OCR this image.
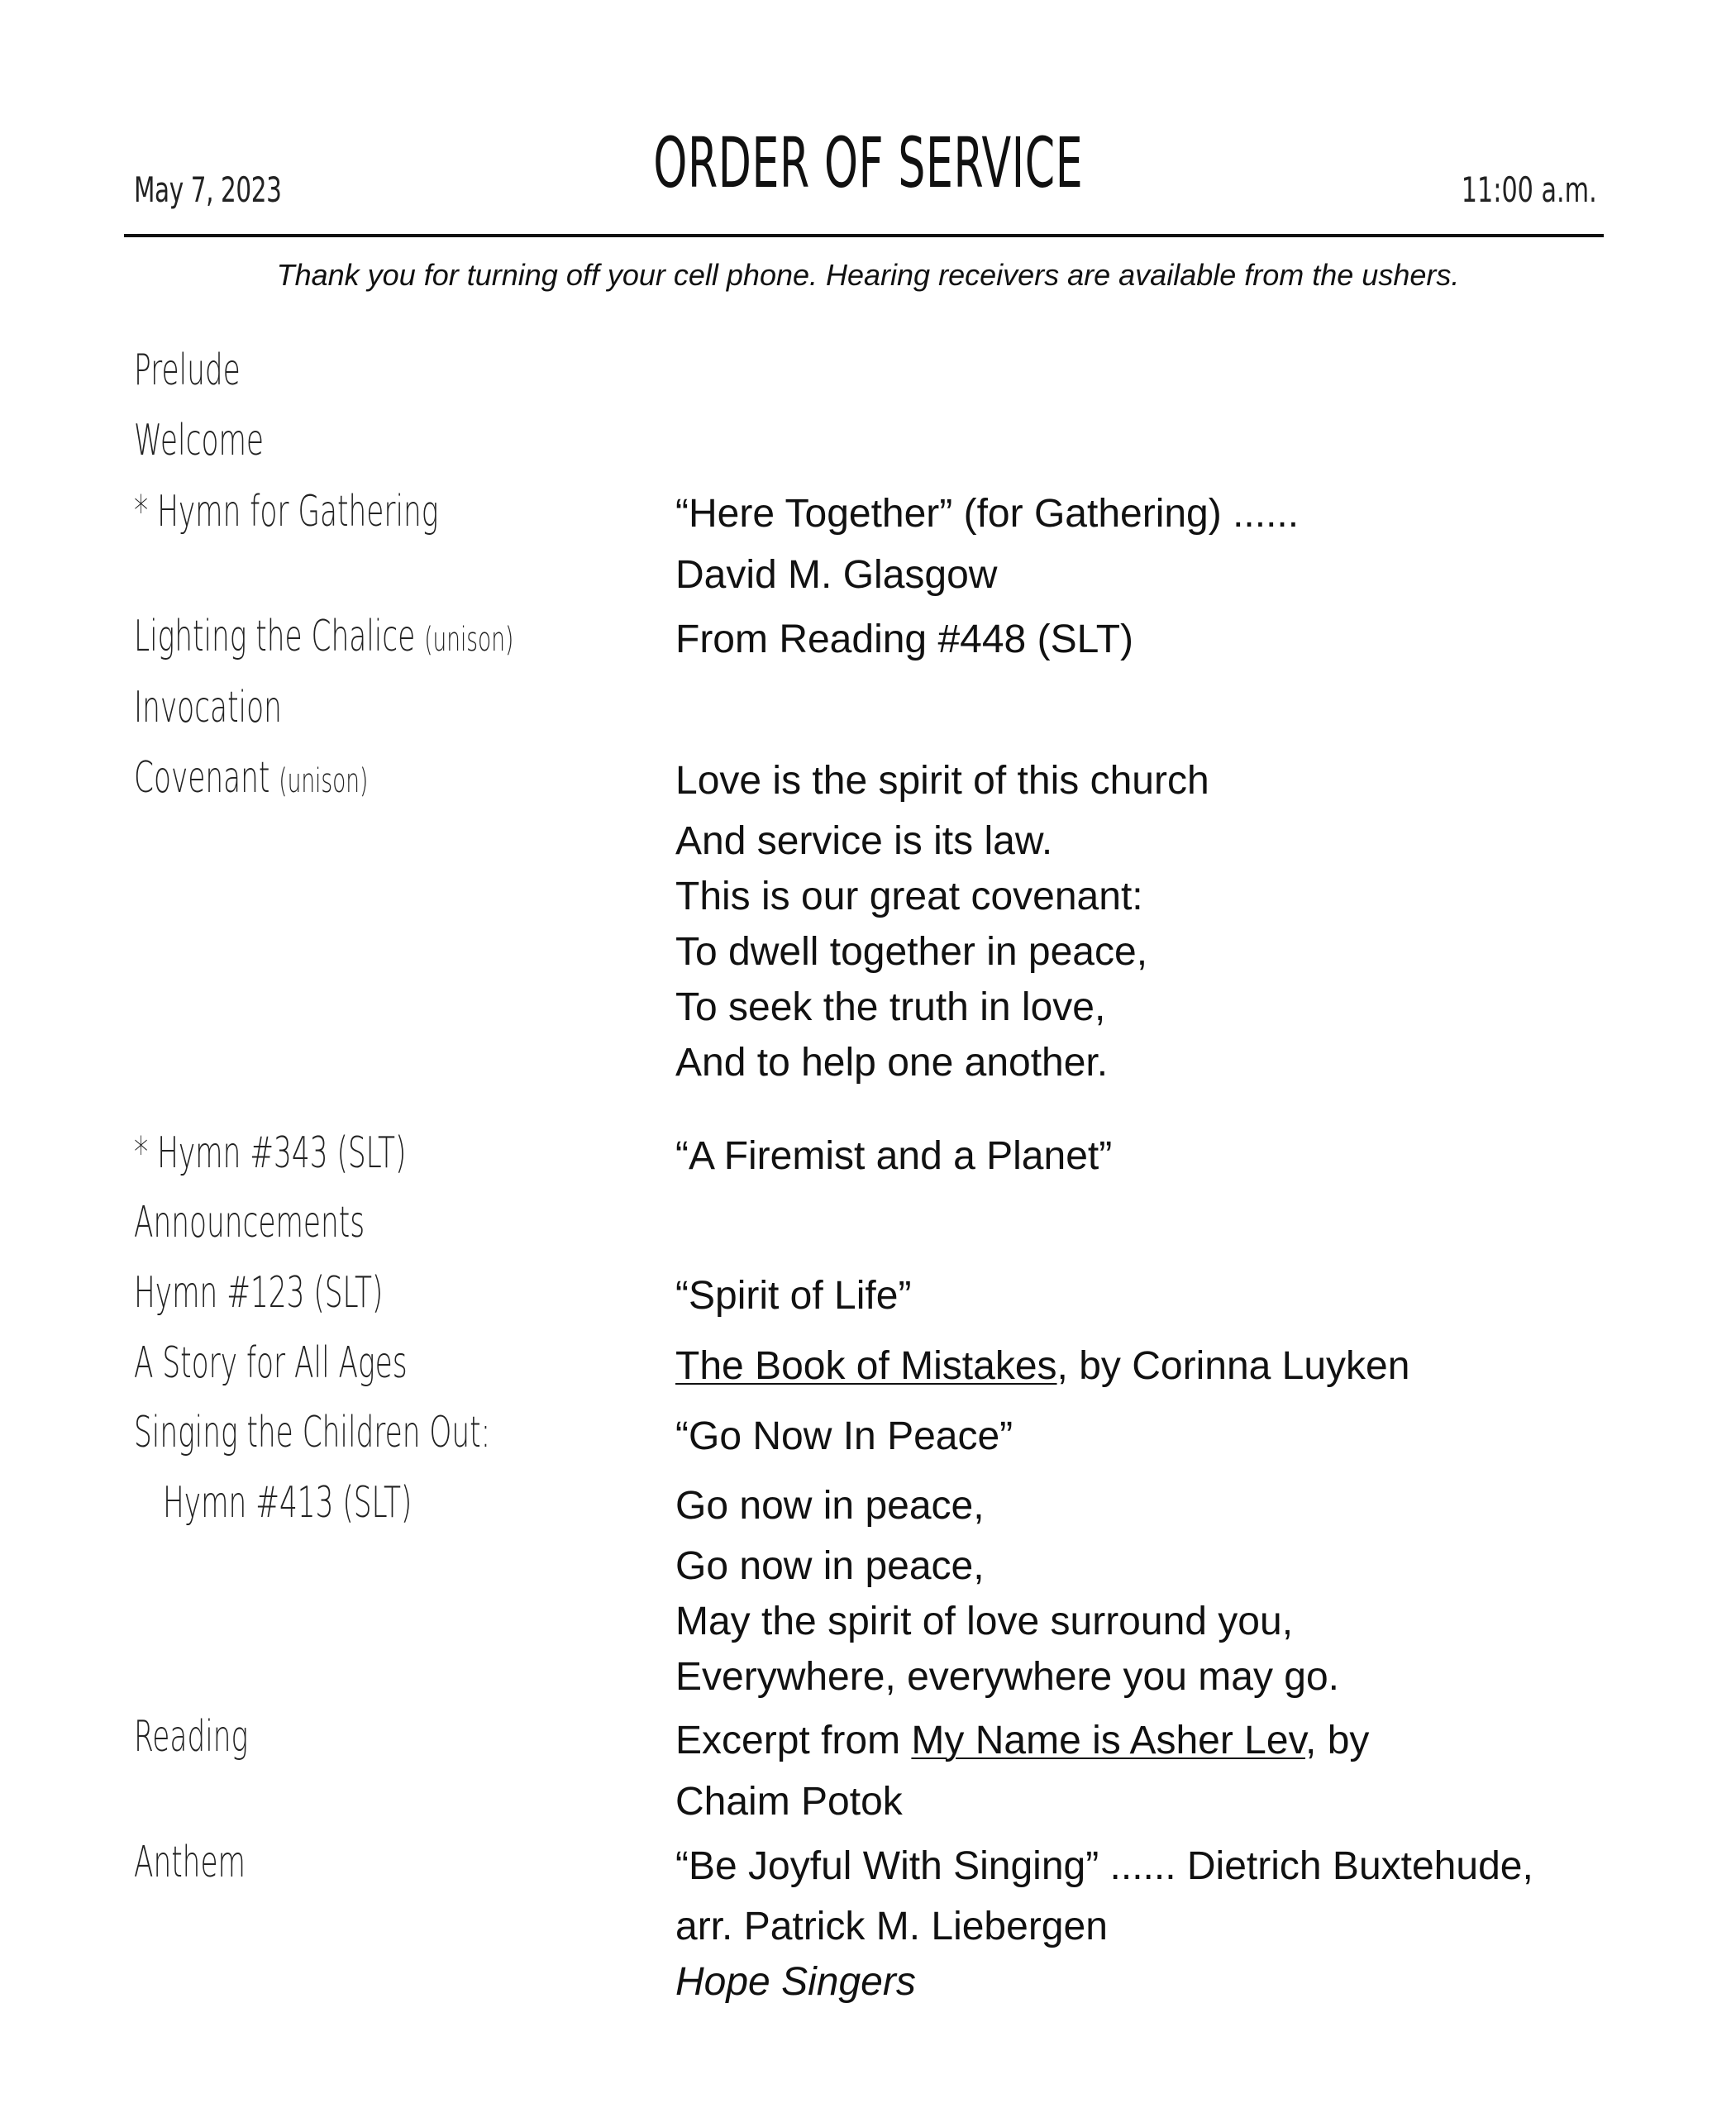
May 7, 2023	ORDER OF SERVICE	11:00 a.m.
Thank you for turning off your cell phone. Hearing receivers are available from the ushers.
Prelude
Welcome
* Hymn for Gathering	“Here Together” (for Gathering) ......
David M. Glasgow
Lighting the Chalice (unison)	From Reading #448 (SLT)
Invocation
Covenant (unison)	Love is the spirit of this church
And service is its law.
This is our great covenant:
To dwell together in peace,
To seek the truth in love,
And to help one another.
* Hymn #343 (SLT)	“A Firemist and a Planet”
Announcements
Hymn #123 (SLT)	“Spirit of Life”
A Story for All Ages	The Book of Mistakes, by Corinna Luyken
Singing the Children Out:	“Go Now In Peace”
Hymn #413 (SLT)	Go now in peace,
Go now in peace,
May the spirit of love surround you,
Everywhere, everywhere you may go.
Reading	Excerpt from My Name is Asher Lev, by
Chaim Potok
Anthem	“Be Joyful With Singing” ...... Dietrich Buxtehude,
arr. Patrick M. Liebergen
Hope Singers
